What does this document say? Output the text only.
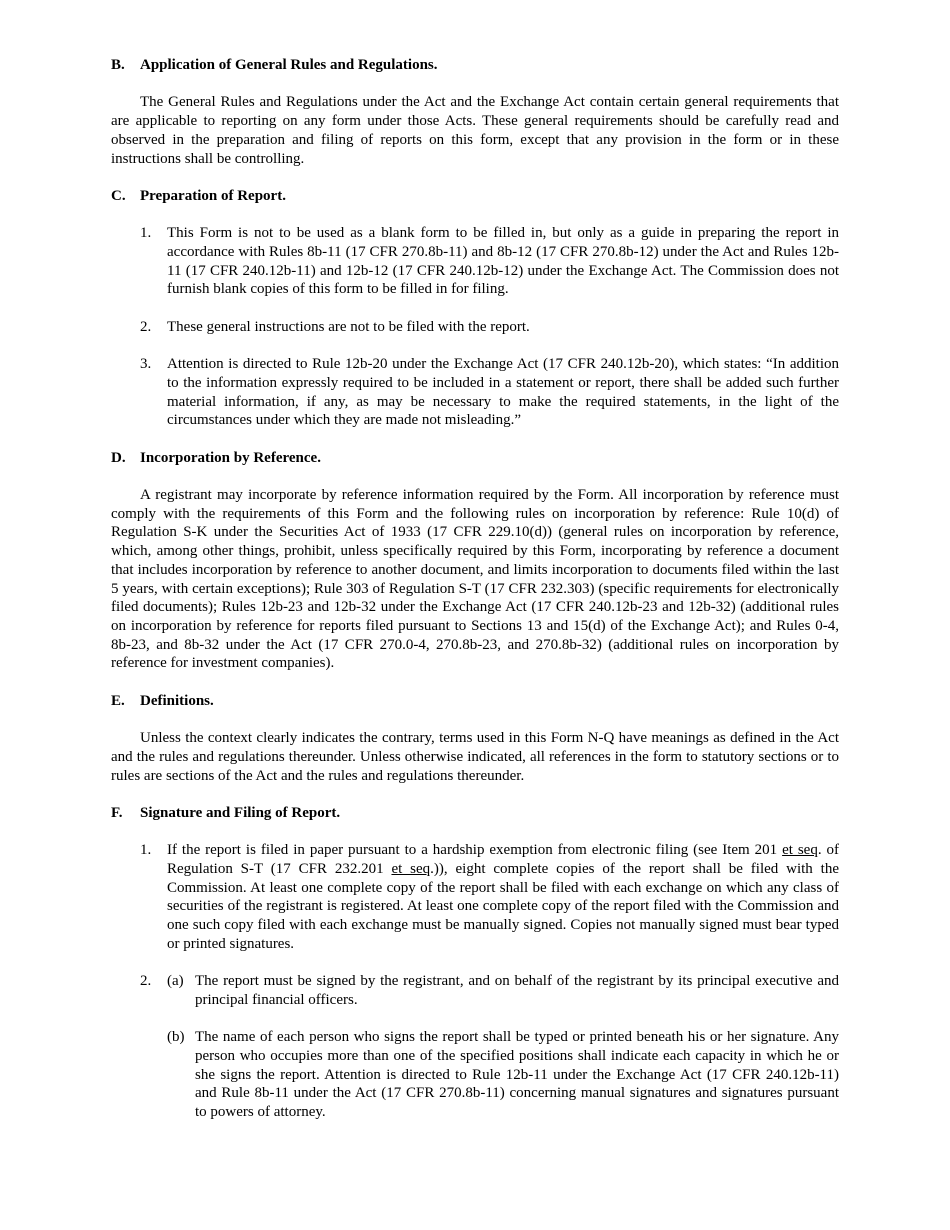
B. Application of General Rules and Regulations.

The General Rules and Regulations under the Act and the Exchange Act contain certain general requirements that are applicable to reporting on any form under those Acts. These general requirements should be carefully read and observed in the preparation and filing of reports on this form, except that any provision in the form or in these instructions shall be controlling.

C. Preparation of Report.
1. This Form is not to be used as a blank form to be filled in, but only as a guide in preparing the report in accordance with Rules 8b-11 (17 CFR 270.8b-11) and 8b-12 (17 CFR 270.8b-12) under the Act and Rules 12b-11 (17 CFR 240.12b-11) and 12b-12 (17 CFR 240.12b-12) under the Exchange Act. The Commission does not furnish blank copies of this form to be filled in for filing.
2. These general instructions are not to be filed with the report.
3. Attention is directed to Rule 12b-20 under the Exchange Act (17 CFR 240.12b-20), which states: “In addition to the information expressly required to be included in a statement or report, there shall be added such further material information, if any, as may be necessary to make the required statements, in the light of the circumstances under which they are made not misleading.”
D. Incorporation by Reference.

A registrant may incorporate by reference information required by the Form. All incorporation by reference must comply with the requirements of this Form and the following rules on incorporation by reference: Rule 10(d) of Regulation S-K under the Securities Act of 1933 (17 CFR 229.10(d)) (general rules on incorporation by reference, which, among other things, prohibit, unless specifically required by this Form, incorporating by reference a document that includes incorporation by reference to another document, and limits incorporation to documents filed within the last 5 years, with certain exceptions); Rule 303 of Regulation S-T (17 CFR 232.303) (specific requirements for electronically filed documents); Rules 12b-23 and 12b-32 under the Exchange Act (17 CFR 240.12b-23 and 12b-32) (additional rules on incorporation by reference for reports filed pursuant to Sections 13 and 15(d) of the Exchange Act); and Rules 0-4, 8b-23, and 8b-32 under the Act (17 CFR 270.0-4, 270.8b-23, and 270.8b-32) (additional rules on incorporation by reference for investment companies).

E. Definitions.

Unless the context clearly indicates the contrary, terms used in this Form N-Q have meanings as defined in the Act and the rules and regulations thereunder. Unless otherwise indicated, all references in the form to statutory sections or to rules are sections of the Act and the rules and regulations thereunder.

F. Signature and Filing of Report.
1. If the report is filed in paper pursuant to a hardship exemption from electronic filing (see Item 201 et seq. of Regulation S-T (17 CFR 232.201 et seq.)), eight complete copies of the report shall be filed with the Commission. At least one complete copy of the report shall be filed with each exchange on which any class of securities of the registrant is registered. At least one complete copy of the report filed with the Commission and one such copy filed with each exchange must be manually signed. Copies not manually signed must bear typed or printed signatures.
2. (a) The report must be signed by the registrant, and on behalf of the registrant by its principal executive and principal financial officers.
(b) The name of each person who signs the report shall be typed or printed beneath his or her signature. Any person who occupies more than one of the specified positions shall indicate each capacity in which he or she signs the report. Attention is directed to Rule 12b-11 under the Exchange Act (17 CFR 240.12b-11) and Rule 8b-11 under the Act (17 CFR 270.8b-11) concerning manual signatures and signatures pursuant to powers of attorney.
